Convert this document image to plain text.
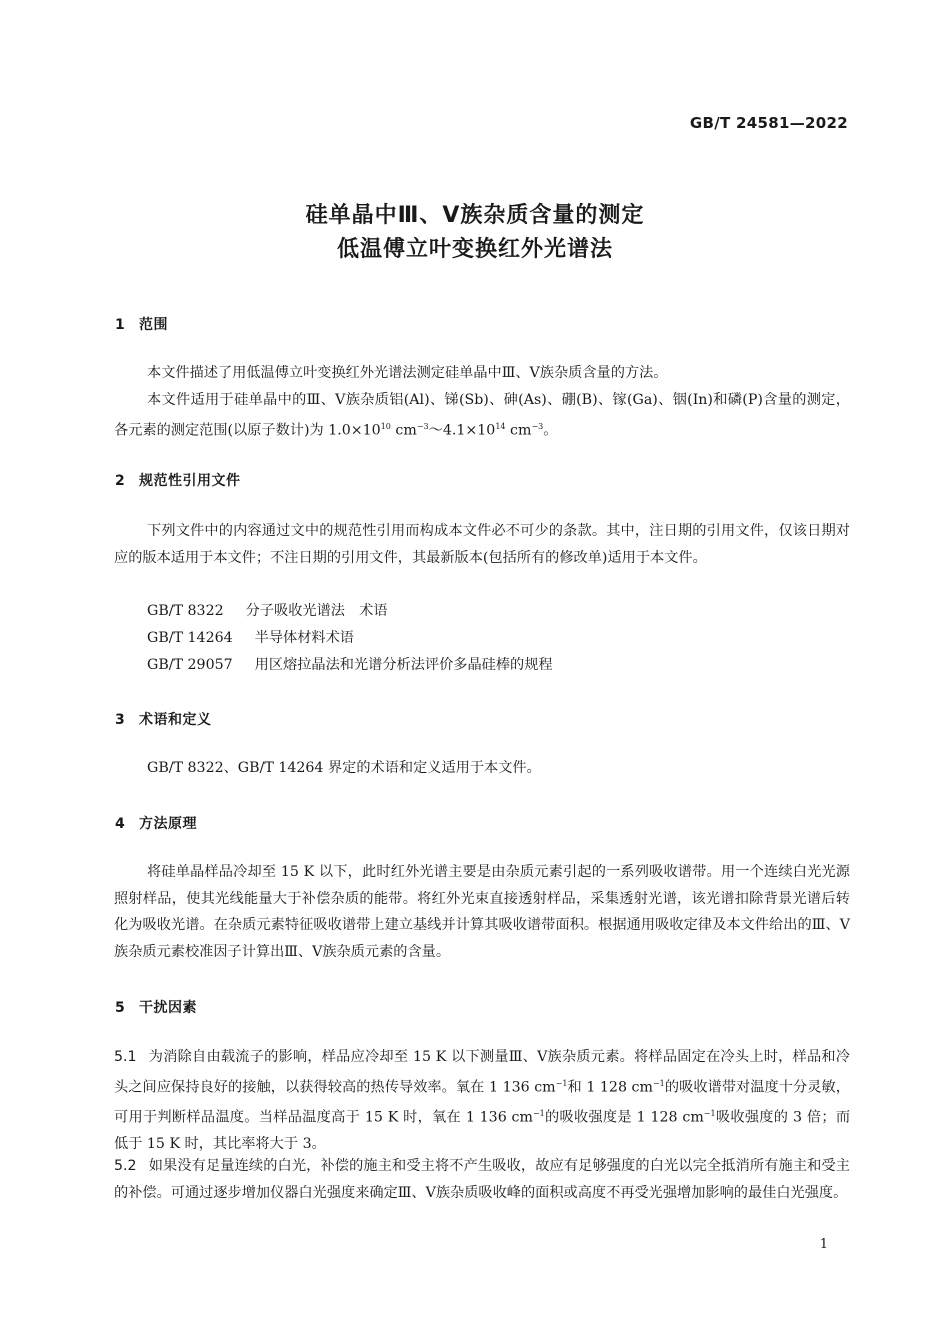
GB/T 24581—2022
硅单晶中Ⅲ、Ⅴ族杂质含量的测定
低温傅立叶变换红外光谱法
1 范围

本文件描述了用低温傅立叶变换红外光谱法测定硅单晶中Ⅲ、Ⅴ族杂质含量的方法。

本文件适用于硅单晶中的Ⅲ、Ⅴ族杂质铝(Al)、锑(Sb)、砷(As)、硼(B)、镓(Ga)、铟(In)和磷(P)含量的测定，各元素的测定范围(以原子数计)为 $1.0\times 10^{10}$ $cm^{-3}\sim 4.1\times 10^{14}$ $cm^{-3}$。

2 规范性引用文件

下列文件中的内容通过文中的规范性引用而构成本文件必不可少的条款。其中，注日期的引用文件，仅该日期对应的版本适用于本文件；不注日期的引用文件，其最新版本(包括所有的修改单)适用于本文件。

GB/T 8322 分子吸收光谱法　术语
GB/T 14264 半导体材料术语
GB/T 29057 用区熔拉晶法和光谱分析法评价多晶硅棒的规程
3 术语和定义

GB/T 8322、GB/T 14264 界定的术语和定义适用于本文件。

4 方法原理

将硅单晶样品冷却至 15 K 以下，此时红外光谱主要是由杂质元素引起的一系列吸收谱带。用一个连续白光光源照射样品，使其光线能量大于补偿杂质的能带。将红外光束直接透射样品，采集透射光谱，该光谱扣除背景光谱后转化为吸收光谱。在杂质元素特征吸收谱带上建立基线并计算其吸收谱带面积。根据通用吸收定律及本文件给出的Ⅲ、Ⅴ族杂质元素校准因子计算出Ⅲ、Ⅴ族杂质元素的含量。

5 干扰因素

5.1 为消除自由载流子的影响，样品应冷却至 15 K 以下测量Ⅲ、Ⅴ族杂质元素。将样品固定在冷头上时，样品和冷头之间应保持良好的接触，以获得较高的热传导效率。氧在 1 136 $cm^{-1}$和 1 128 $cm^{-1}$的吸收谱带对温度十分灵敏，可用于判断样品温度。当样品温度高于 15 K 时，氧在 1 136 $cm^{-1}$的吸收强度是 1 128 $cm^{-1}$吸收强度的 3 倍；而低于 15 K 时，其比率将大于 3。

5.2 如果没有足量连续的白光，补偿的施主和受主将不产生吸收，故应有足够强度的白光以完全抵消所有施主和受主的补偿。可通过逐步增加仪器白光强度来确定Ⅲ、Ⅴ族杂质吸收峰的面积或高度不再受光强增加影响的最佳白光强度。

1
